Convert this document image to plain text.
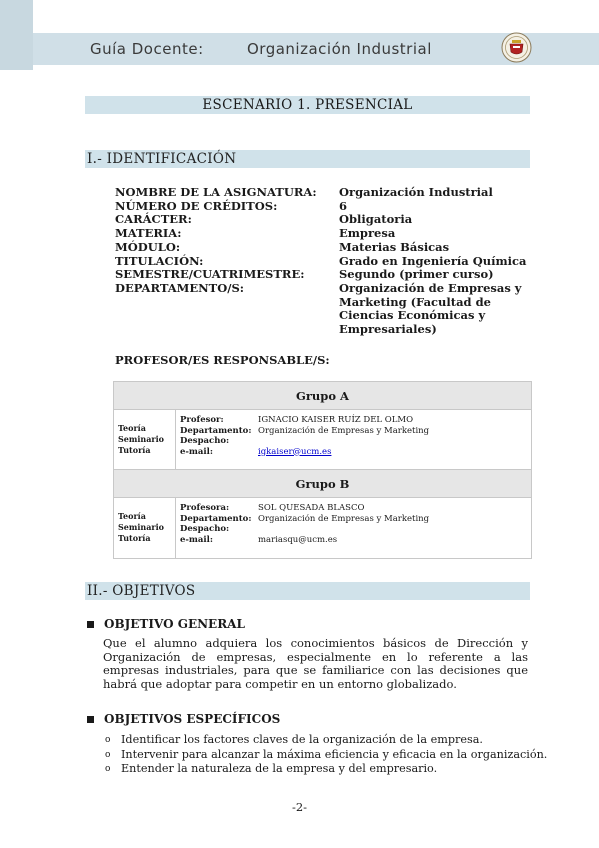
Guía Docente:	Organización Industrial
ESCENARIO 1. PRESENCIAL
I.- IDENTIFICACIÓN
NOMBRE DE LA ASIGNATURA:	Organización Industrial
NÚMERO DE CRÉDITOS:	6
CARÁCTER:	Obligatoria
MATERIA:	Empresa
MÓDULO:	Materias Básicas
TITULACIÓN:	Grado en Ingeniería Química
SEMESTRE/CUATRIMESTRE:	Segundo (primer curso)
DEPARTAMENTO/S:	Organización de Empresas y Marketing (Facultad de Ciencias Económicas y Empresariales)
PROFESOR/ES RESPONSABLE/S:
Grupo A
Teoría
Seminario
Tutoría
Profesor:	IGNACIO KAISER RUÍZ DEL OLMO
Departamento: Organización de Empresas y Marketing
Despacho:
e-mail:	igkaiser@ucm.es
Grupo B
Teoría
Seminario
Tutoría
Profesora:	SOL QUESADA BLASCO
Departamento: Organización de Empresas y Marketing
Despacho:
e-mail:	mariasqu@ucm.es
II.- OBJETIVOS
OBJETIVO GENERAL
Que el alumno adquiera los conocimientos básicos de Dirección y Organización de empresas, especialmente en lo referente a las empresas industriales, para que se familiarice con las decisiones que habrá que adoptar para competir en un entorno globalizado.
OBJETIVOS ESPECÍFICOS
o Identificar los factores claves de la organización de la empresa.
o Intervenir para alcanzar la máxima eficiencia y eficacia en la organización.
o Entender la naturaleza de la empresa y del empresario.
-2-
